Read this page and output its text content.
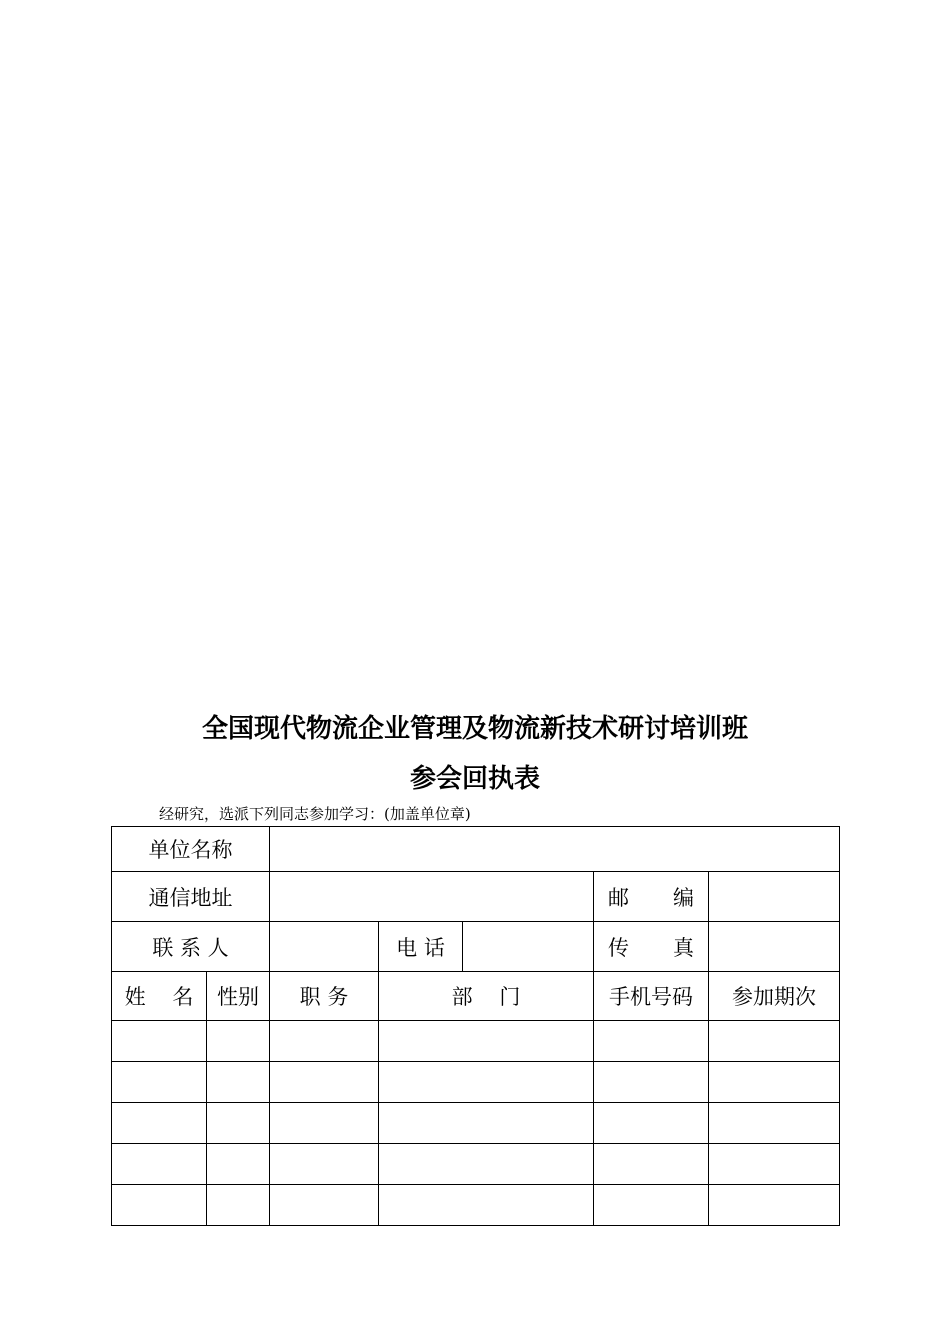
全国现代物流企业管理及物流新技术研讨培训班
参会回执表
经研究，选派下列同志参加学习：(加盖单位章)
单位名称						
通信地址					邮 编	

联 系 人			电 话		传 真	

姓    名	性别	职 务	部    门		手机号码	参加期次
